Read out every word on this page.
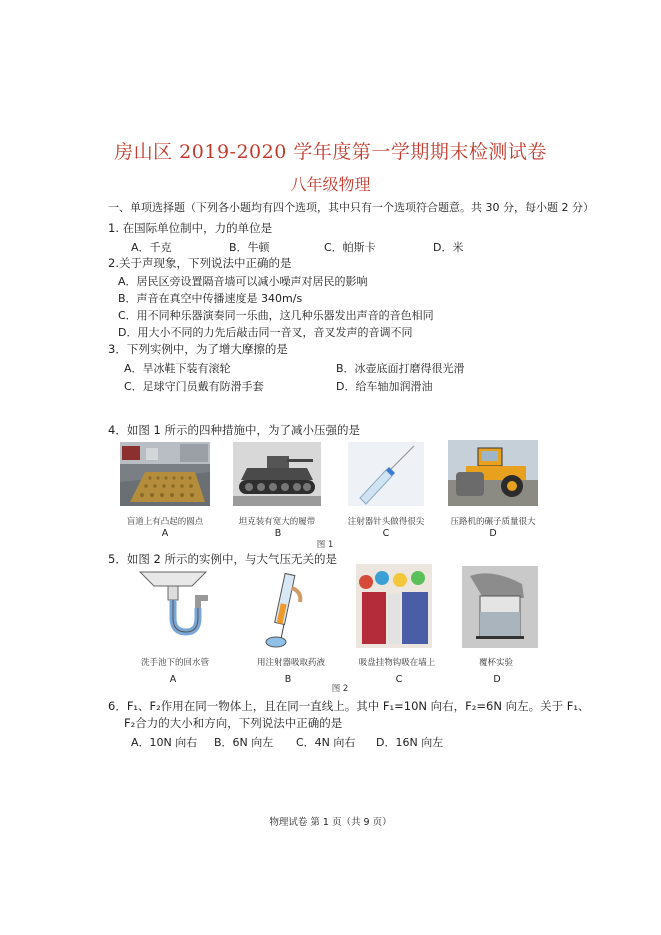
房山区 2019-2020 学年度第一学期期末检测试卷
八年级物理
一、单项选择题（下列各小题均有四个选项，其中只有一个选项符合题意。共 30 分，每小题 2 分）
1. 在国际单位制中，力的单位是
A．千克	B．牛顿	C．帕斯卡	D．米
2.关于声现象，下列说法中正确的是
A．居民区旁设置隔音墙可以减小噪声对居民的影响
B．声音在真空中传播速度是 340m/s
C．用不同种乐器演奏同一乐曲，这几种乐器发出声音的音色相同
D．用大小不同的力先后敲击同一音叉，音叉发声的音调不同
3．下列实例中，为了增大摩擦的是
A．旱冰鞋下装有滚轮	B．冰壶底面打磨得很光滑
C．足球守门员戴有防滑手套	D．给车轴加润滑油
4．如图 1 所示的四种措施中，为了减小压强的是
盲道上有凸起的圆点	坦克装有宽大的履带	注射器针头做得很尖	压路机的碾子质量很大
A	B	C	D
图 1
5．如图 2 所示的实例中，与大气压无关的是
洗手池下的回水管	用注射器吸取药液	吸盘挂物钩吸在墙上	覆杯实验
A	B	C	D
图 2
6．F₁、F₂作用在同一物体上，且在同一直线上。其中 F₁=10N 向右，F₂=6N 向左。关于 F₁、
F₂合力的大小和方向，下列说法中正确的是
A．10N 向右 B．6N 向左 C．4N 向右 D．16N 向左
物理试卷 第 1 页（共 9 页）
